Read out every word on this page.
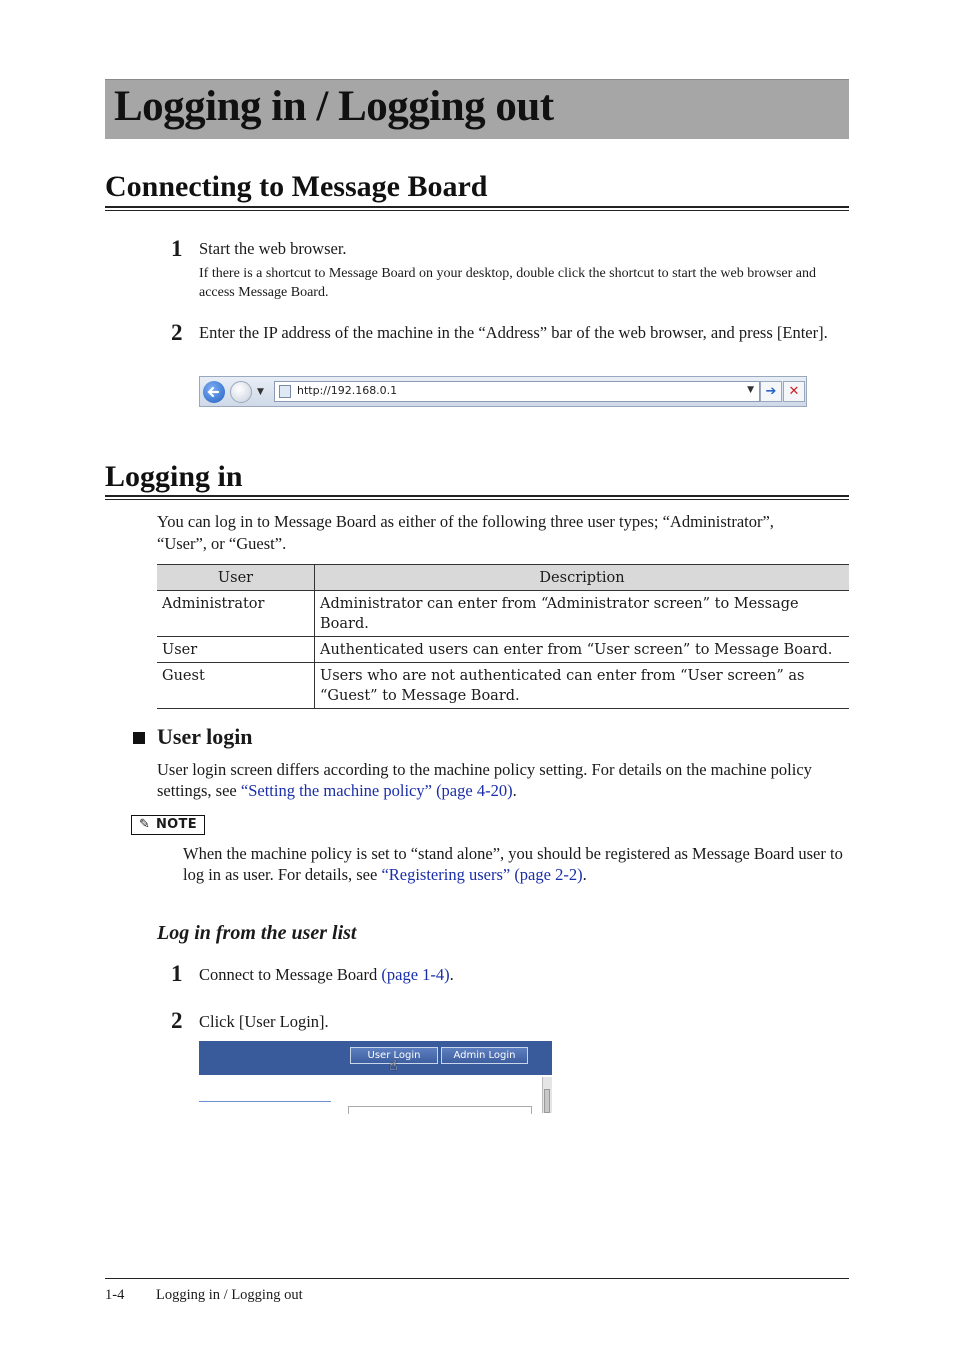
Logging in / Logging out
Connecting to Message Board
1 Start the web browser.
If there is a shortcut to Message Board on your desktop, double click the shortcut to start the web browser and access Message Board.
2 Enter the IP address of the machine in the “Address” bar of the web browser, and press [Enter].
▼	http://192.168.0.1	▼ ➔ ✕
Logging in
You can log in to Message Board as either of the following three user types; “Administrator”, “User”, or “Guest”.
User	Description
Administrator	Administrator can enter from “Administrator screen” to Message Board.
User	Authenticated users can enter from “User screen” to Message Board.
Guest	Users who are not authenticated can enter from “User screen” as “Guest” to Message Board.
User login
User login screen differs according to the machine policy setting. For details on the machine policy settings, see “Setting the machine policy” (page 4-20).
✎ NOTE
When the machine policy is set to “stand alone”, you should be registered as Message Board user to log in as user. For details, see “Registering users” (page 2-2).
Log in from the user list
1 Connect to Message Board (page 1-4).
2 Click [User Login].
User Login	Admin Login
☝
1-4 Logging in / Logging out
